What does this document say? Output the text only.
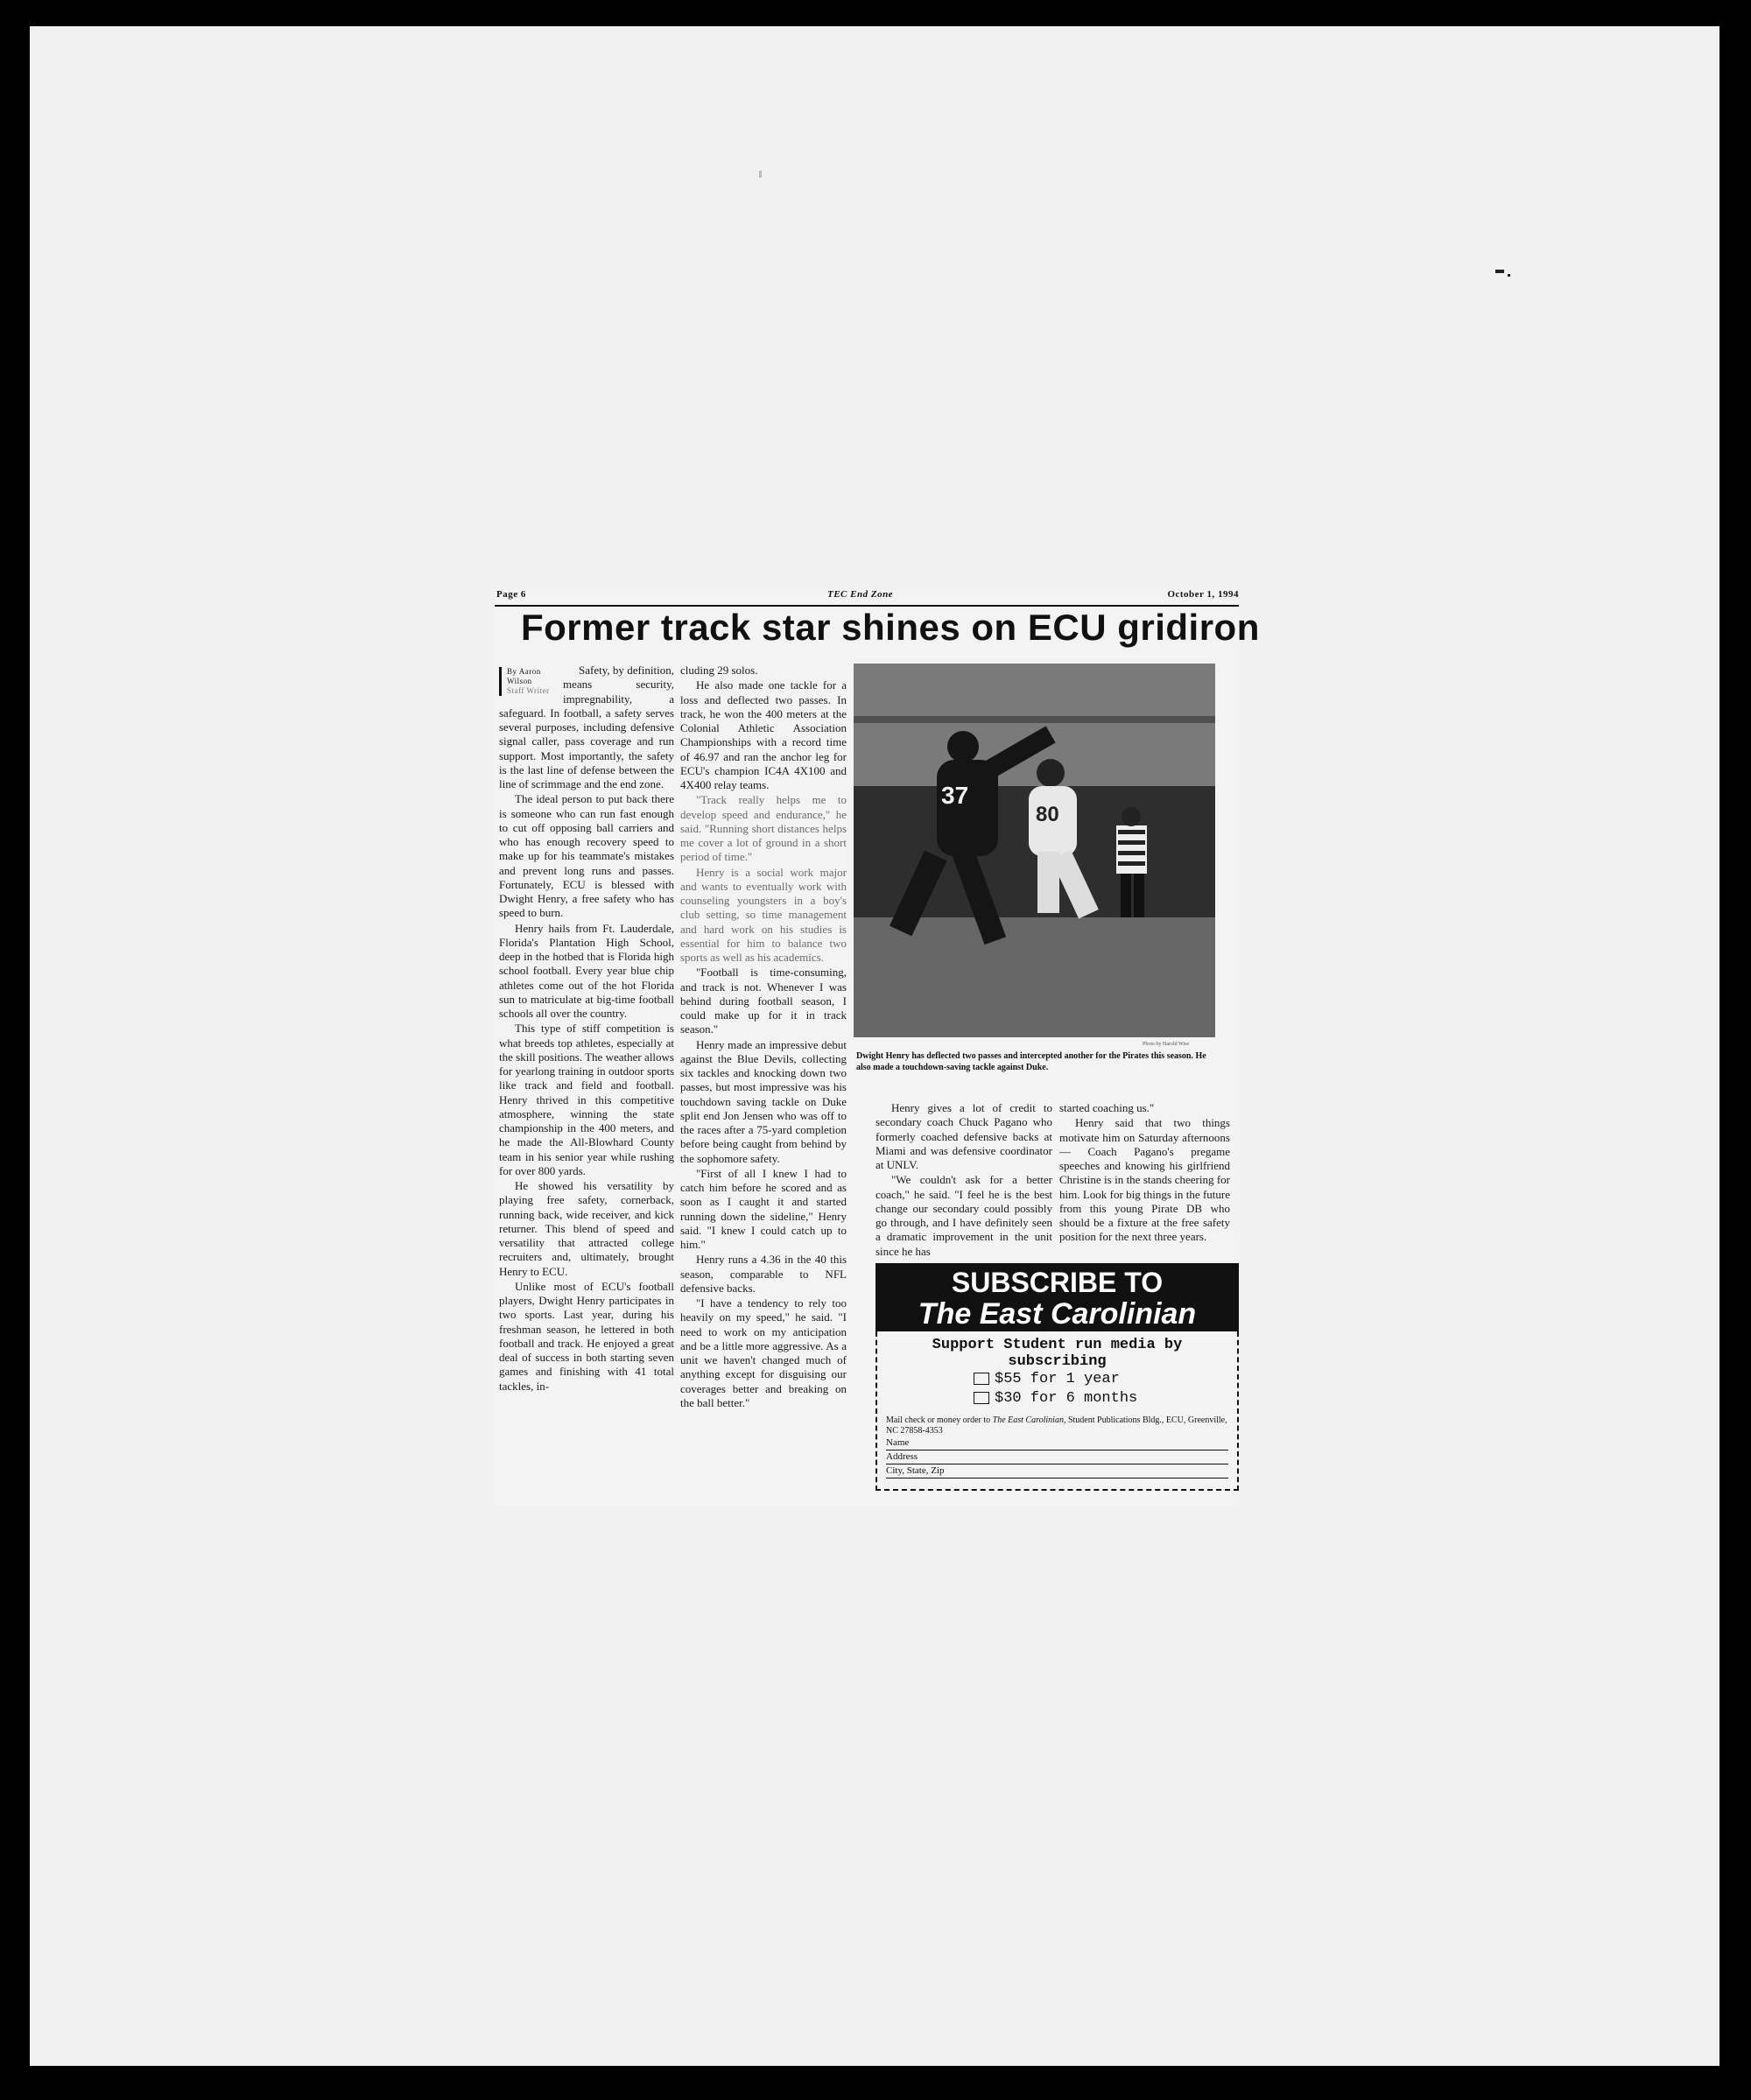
Page 6	TEC End Zone	October 1, 1994
Former track star shines on ECU gridiron
By Aaron
Wilson
Staff Writer

Safety, by definition, means security, impregnability, a safeguard. In football, a safety serves several purposes, including defensive signal caller, pass coverage and run support. Most importantly, the safety is the last line of defense between the line of scrimmage and the end zone.

The ideal person to put back there is someone who can run fast enough to cut off opposing ball carriers and who has enough recovery speed to make up for his teammate's mistakes and prevent long runs and passes. Fortunately, ECU is blessed with Dwight Henry, a free safety who has speed to burn.

Henry hails from Ft. Lauderdale, Florida's Plantation High School, deep in the hotbed that is Florida high school football. Every year blue chip athletes come out of the hot Florida sun to matriculate at big-time football schools all over the country.

This type of stiff competition is what breeds top athletes, especially at the skill positions. The weather allows for yearlong training in outdoor sports like track and field and football. Henry thrived in this competitive atmosphere, winning the state championship in the 400 meters, and he made the All-Blowhard County team in his senior year while rushing for over 800 yards.

He showed his versatility by playing free safety, cornerback, running back, wide receiver, and kick returner. This blend of speed and versatility that attracted college recruiters and, ultimately, brought Henry to ECU.

Unlike most of ECU's football players, Dwight Henry participates in two sports. Last year, during his freshman season, he lettered in both football and track. He enjoyed a great deal of success in both starting seven games and finishing with 41 total tackles, in-

cluding 29 solos.

He also made one tackle for a loss and deflected two passes. In track, he won the 400 meters at the Colonial Athletic Association Championships with a record time of 46.97 and ran the anchor leg for ECU's champion IC4A 4X100 and 4X400 relay teams.

"Track really helps me to develop speed and endurance," he said. "Running short distances helps me cover a lot of ground in a short period of time."

Henry is a social work major and wants to eventually work with counseling youngsters in a boy's club setting, so time management and hard work on his studies is essential for him to balance two sports as well as his academics.

"Football is time-consuming, and track is not. Whenever I was behind during football season, I could make up for it in track season."

Henry made an impressive debut against the Blue Devils, collecting six tackles and knocking down two passes, but most impressive was his touchdown saving tackle on Duke split end Jon Jensen who was off to the races after a 75-yard completion before being caught from behind by the sophomore safety.

"First of all I knew I had to catch him before he scored and as soon as I caught it and started running down the sideline," Henry said. "I knew I could catch up to him."

Henry runs a 4.36 in the 40 this season, comparable to NFL defensive backs.

"I have a tendency to rely too heavily on my speed," he said. "I need to work on my anticipation and be a little more aggressive. As a unit we haven't changed much of anything except for disguising our coverages better and breaking on the ball better."

37
80
Photo by Harold Wise
Dwight Henry has deflected two passes and intercepted another for the Pirates this season. He also made a touchdown-saving tackle against Duke.

Henry gives a lot of credit to secondary coach Chuck Pagano who formerly coached defensive backs at Miami and was defensive coordinator at UNLV.

"We couldn't ask for a better coach," he said. "I feel he is the best change our secondary could possibly go through, and I have definitely seen a dramatic improvement in the unit since he has

started coaching us."

Henry said that two things motivate him on Saturday afternoons — Coach Pagano's pregame speeches and knowing his girlfriend Christine is in the stands cheering for him. Look for big things in the future from this young Pirate DB who should be a fixture at the free safety position for the next three years.

SUBSCRIBE TO
The East Carolinian
Support Student run media by subscribing
$55 for 1 year
$30 for 6 months
Mail check or money order to The East Carolinian, Student Publications Bldg., ECU, Greenville, NC 27858-4353
Name
Address
City, State, Zip
